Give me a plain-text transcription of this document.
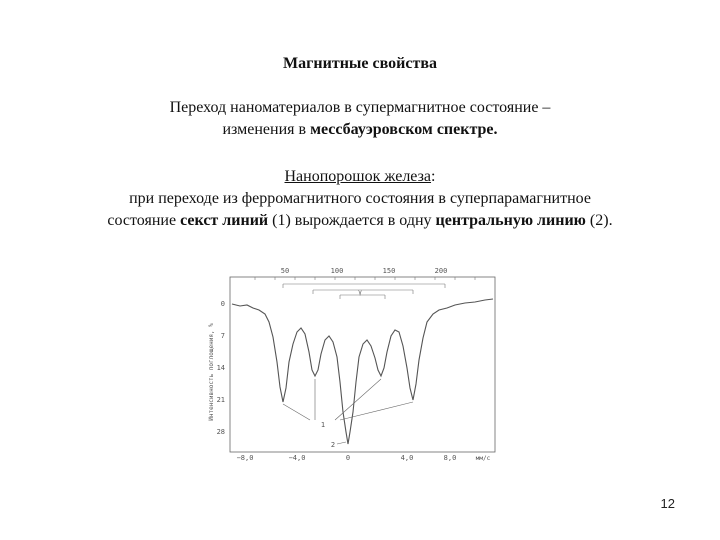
Магнитные свойства
Переход наноматериалов в супермагнитное состояние –
изменения в мессбауэровском спектре.
Нанопорошок железа:
при переходе из ферромагнитного состояния в суперпарамагнитное
состояние секст линий (1) вырождается в одну центральную линию (2).
50	100	150	200
γ
Интенсивность поглощения, %
0
7
14
21
28
1
2
−8,0	−4,0	0	4,0	8,0	мм/с
12
